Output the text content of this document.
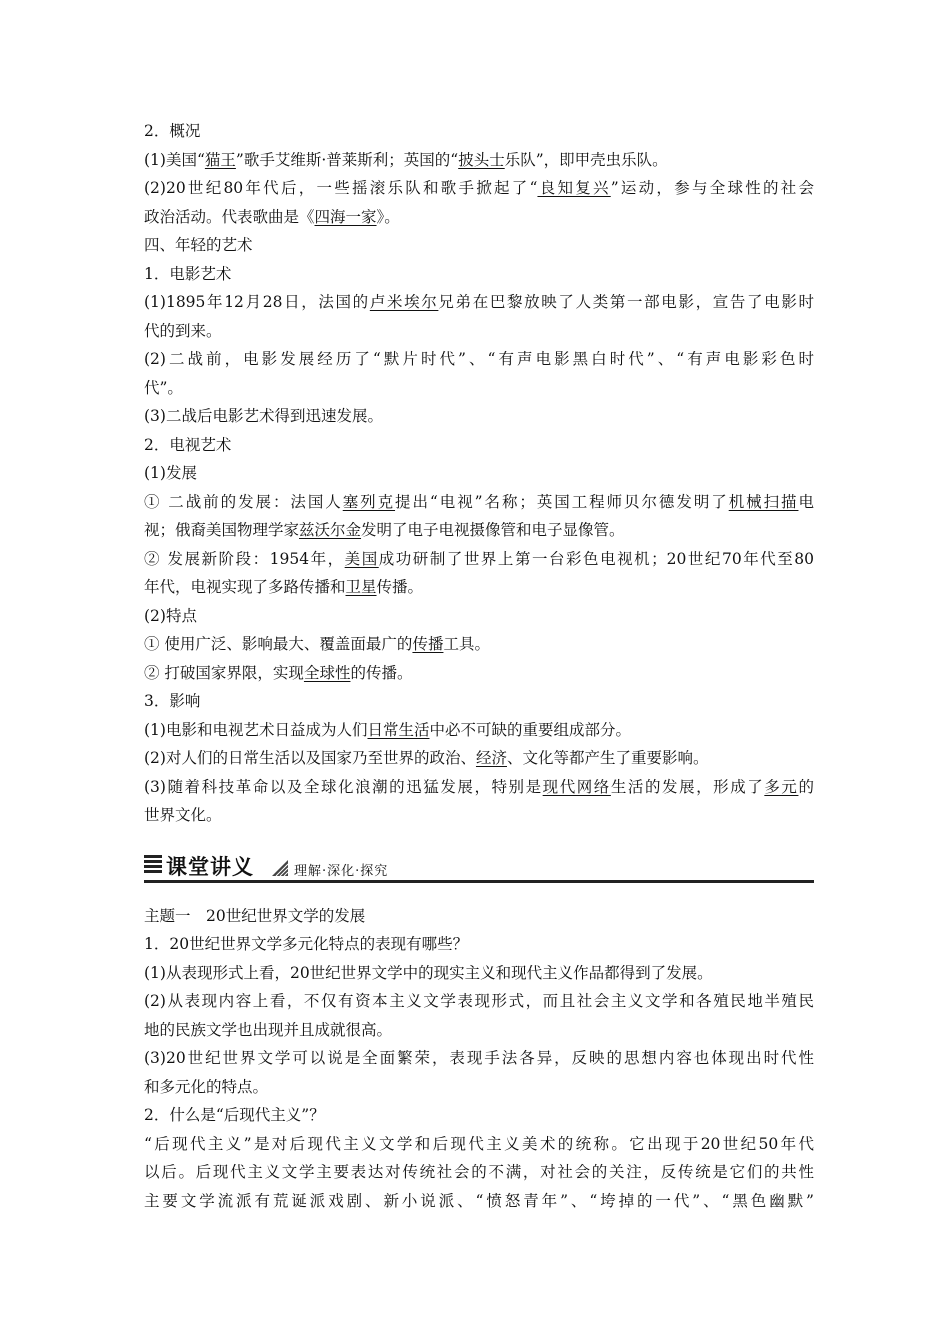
2．概况
(1)美国“猫王”歌手艾维斯·普莱斯利；英国的“披头士乐队”，即甲壳虫乐队。
(2)20世纪80年代后，一些摇滚乐队和歌手掀起了“良知复兴”运动，参与全球性的社会
政治活动。代表歌曲是《四海一家》。
四、年轻的艺术
1．电影艺术
(1)1895年12月28日，法国的卢米埃尔兄弟在巴黎放映了人类第一部电影，宣告了电影时
代的到来。
(2)二战前，电影发展经历了“默片时代”、“有声电影黑白时代”、“有声电影彩色时
代”。
(3)二战后电影艺术得到迅速发展。
2．电视艺术
(1)发展
① 二战前的发展：法国人塞列克提出“电视”名称；英国工程师贝尔德发明了机械扫描电
视；俄裔美国物理学家兹沃尔金发明了电子电视摄像管和电子显像管。
② 发展新阶段：1954年，美国成功研制了世界上第一台彩色电视机；20世纪70年代至80
年代，电视实现了多路传播和卫星传播。
(2)特点
① 使用广泛、影响最大、覆盖面最广的传播工具。
② 打破国家界限，实现全球性的传播。
3．影响
(1)电影和电视艺术日益成为人们日常生活中必不可缺的重要组成部分。
(2)对人们的日常生活以及国家乃至世界的政治、经济、文化等都产生了重要影响。
(3)随着科技革命以及全球化浪潮的迅猛发展，特别是现代网络生活的发展，形成了多元的
世界文化。
课堂讲义	理解·深化·探究
主题一　20世纪世界文学的发展
1．20世纪世界文学多元化特点的表现有哪些？
(1)从表现形式上看，20世纪世界文学中的现实主义和现代主义作品都得到了发展。
(2)从表现内容上看，不仅有资本主义文学表现形式，而且社会主义文学和各殖民地半殖民
地的民族文学也出现并且成就很高。
(3)20世纪世界文学可以说是全面繁荣，表现手法各异，反映的思想内容也体现出时代性
和多元化的特点。
2．什么是“后现代主义”？
“后现代主义”是对后现代主义文学和后现代主义美术的统称。它出现于20世纪50年代
以后。后现代主义文学主要表达对传统社会的不满，对社会的关注，反传统是它们的共性
主要文学流派有荒诞派戏剧、新小说派、“愤怒青年”、“垮掉的一代”、“黑色幽默”
